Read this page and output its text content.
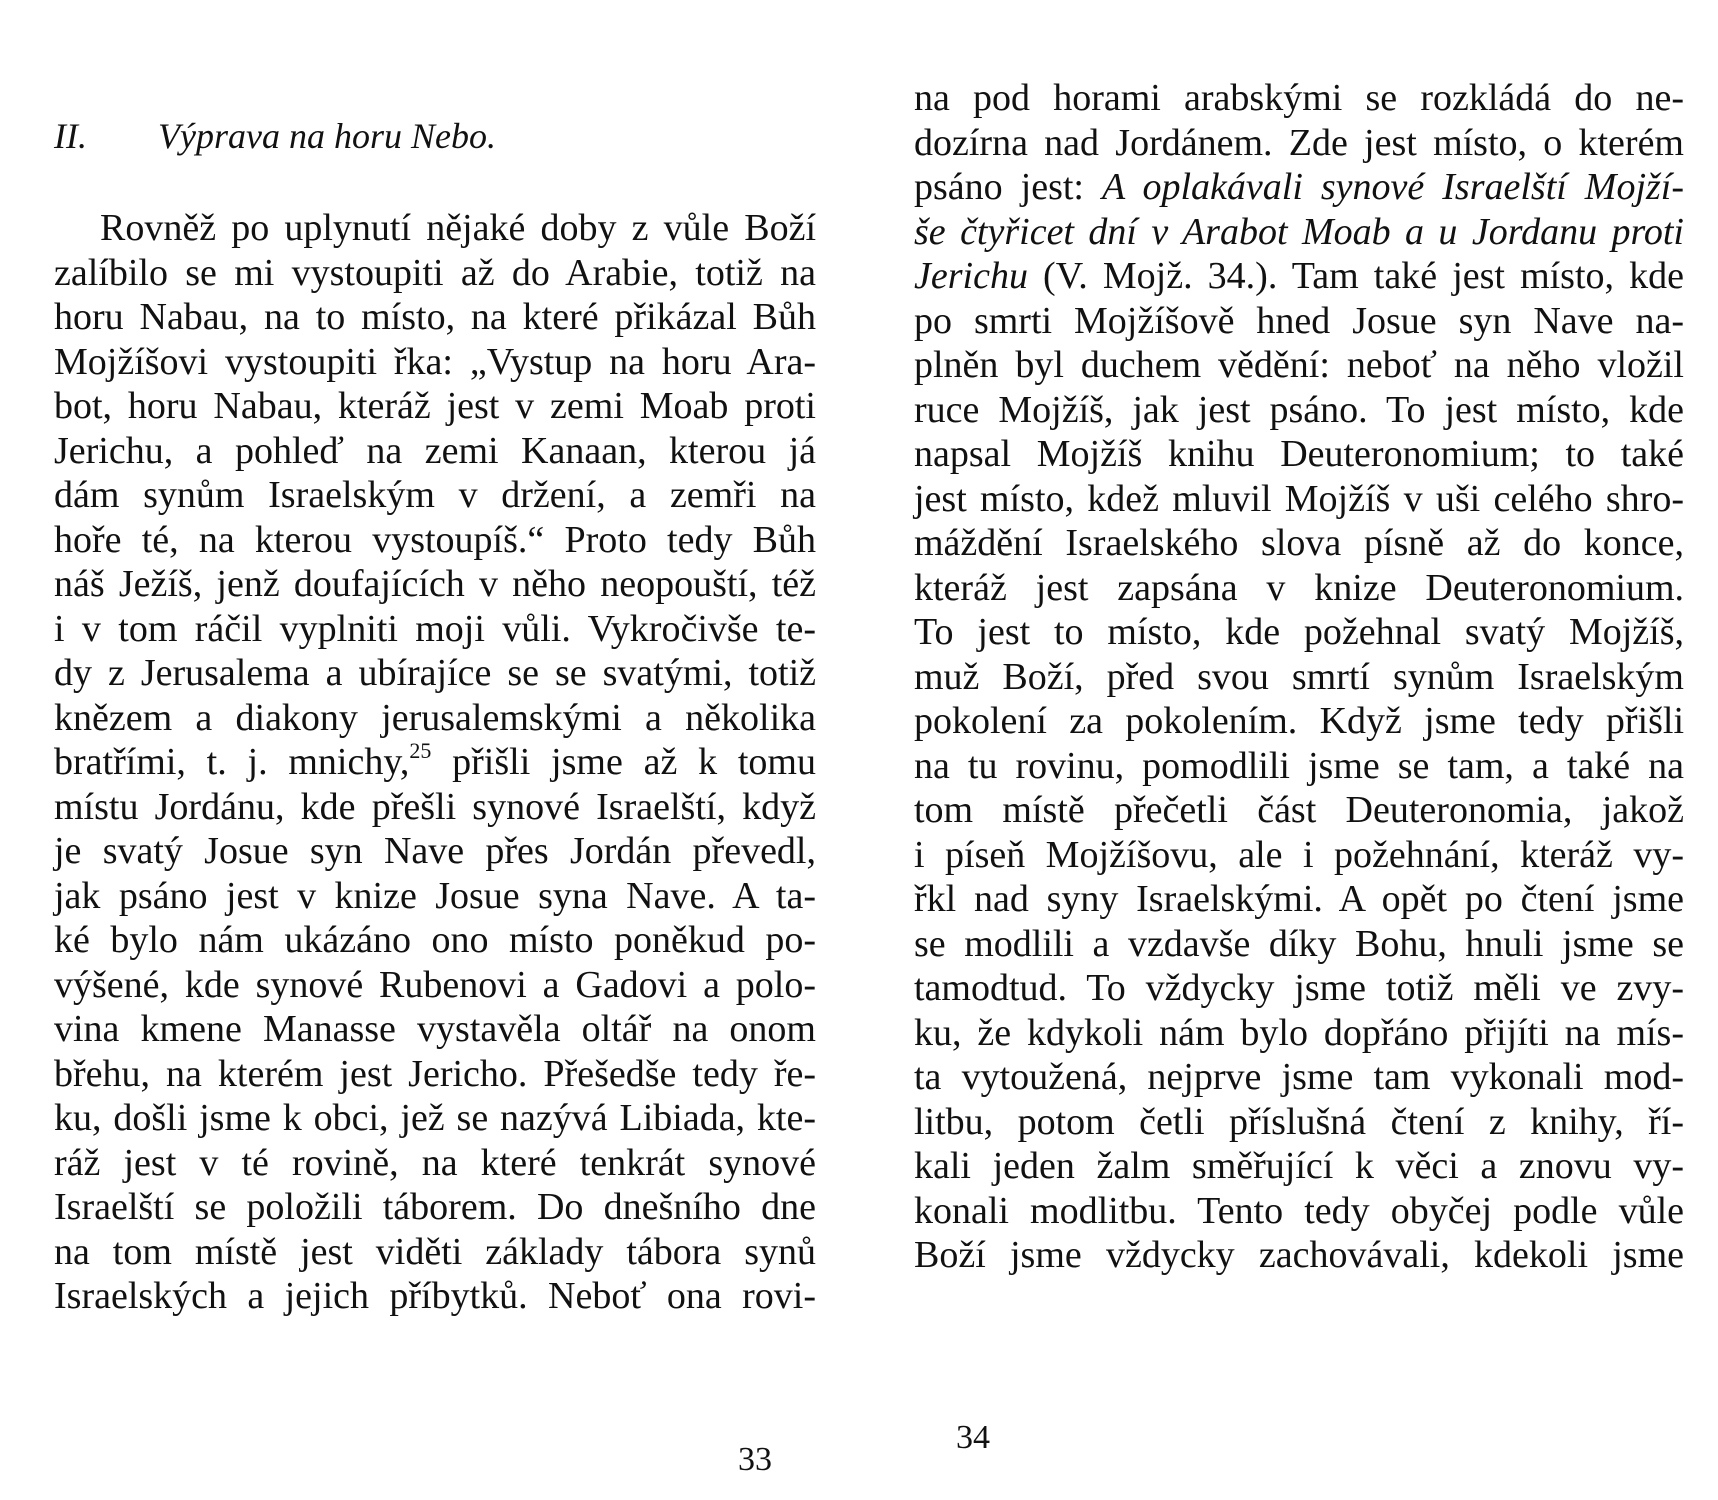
II. Výprava na horu Nebo.
Rovněž po uplynutí nějaké doby z vůle Boží
zalíbilo se mi vystoupiti až do Arabie, totiž na
horu Nabau, na to místo, na které přikázal Bůh
Mojžíšovi vystoupiti řka: „Vystup na horu Ara-
bot, horu Nabau, kteráž jest v zemi Moab proti
Jerichu, a pohleď na zemi Kanaan, kterou já
dám synům Israelským v držení, a zemři na
hoře té, na kterou vystoupíš.“ Proto tedy Bůh
náš Ježíš, jenž doufajících v něho neopouští, též
i v tom ráčil vyplniti moji vůli. Vykročivše te-
dy z Jerusalema a ubírajíce se se svatými, totiž
knězem a diakony jerusalemskými a několika
bratřími, t. j. mnichy,$^{25}$ přišli jsme až k tomu
místu Jordánu, kde přešli synové Israelští, když
je svatý Josue syn Nave přes Jordán převedl,
jak psáno jest v knize Josue syna Nave. A ta-
ké bylo nám ukázáno ono místo poněkud po-
výšené, kde synové Rubenovi a Gadovi a polo-
vina kmene Manasse vystavěla oltář na onom
břehu, na kterém jest Jericho. Přešedše tedy ře-
ku, došli jsme k obci, jež se nazývá Libiada, kte-
ráž jest v té rovině, na které tenkrát synové
Israelští se položili táborem. Do dnešního dne
na tom místě jest viděti základy tábora synů
Israelských a jejich příbytků. Neboť ona rovi-
33
na pod horami arabskými se rozkládá do ne-
dozírna nad Jordánem. Zde jest místo, o kterém
psáno jest: A oplakávali synové Israelští Mojží-
še čtyřicet dní v Arabot Moab a u Jordanu proti
Jerichu (V. Mojž. 34.). Tam také jest místo, kde
po smrti Mojžíšově hned Josue syn Nave na-
plněn byl duchem vědění: neboť na něho vložil
ruce Mojžíš, jak jest psáno. To jest místo, kde
napsal Mojžíš knihu Deuteronomium; to také
jest místo, kdež mluvil Mojžíš v uši celého shro-
máždění Israelského slova písně až do konce,
kteráž jest zapsána v knize Deuteronomium.
To jest to místo, kde požehnal svatý Mojžíš,
muž Boží, před svou smrtí synům Israelským
pokolení za pokolením. Když jsme tedy přišli
na tu rovinu, pomodlili jsme se tam, a také na
tom místě přečetli část Deuteronomia, jakož
i píseň Mojžíšovu, ale i požehnání, kteráž vy-
řkl nad syny Israelskými. A opět po čtení jsme
se modlili a vzdavše díky Bohu, hnuli jsme se
tamodtud. To vždycky jsme totiž měli ve zvy-
ku, že kdykoli nám bylo dopřáno přijíti na mís-
ta vytoužená, nejprve jsme tam vykonali mod-
litbu, potom četli příslušná čtení z knihy, ří-
kali jeden žalm směřující k věci a znovu vy-
konali modlitbu. Tento tedy obyčej podle vůle
Boží jsme vždycky zachovávali, kdekoli jsme
34
